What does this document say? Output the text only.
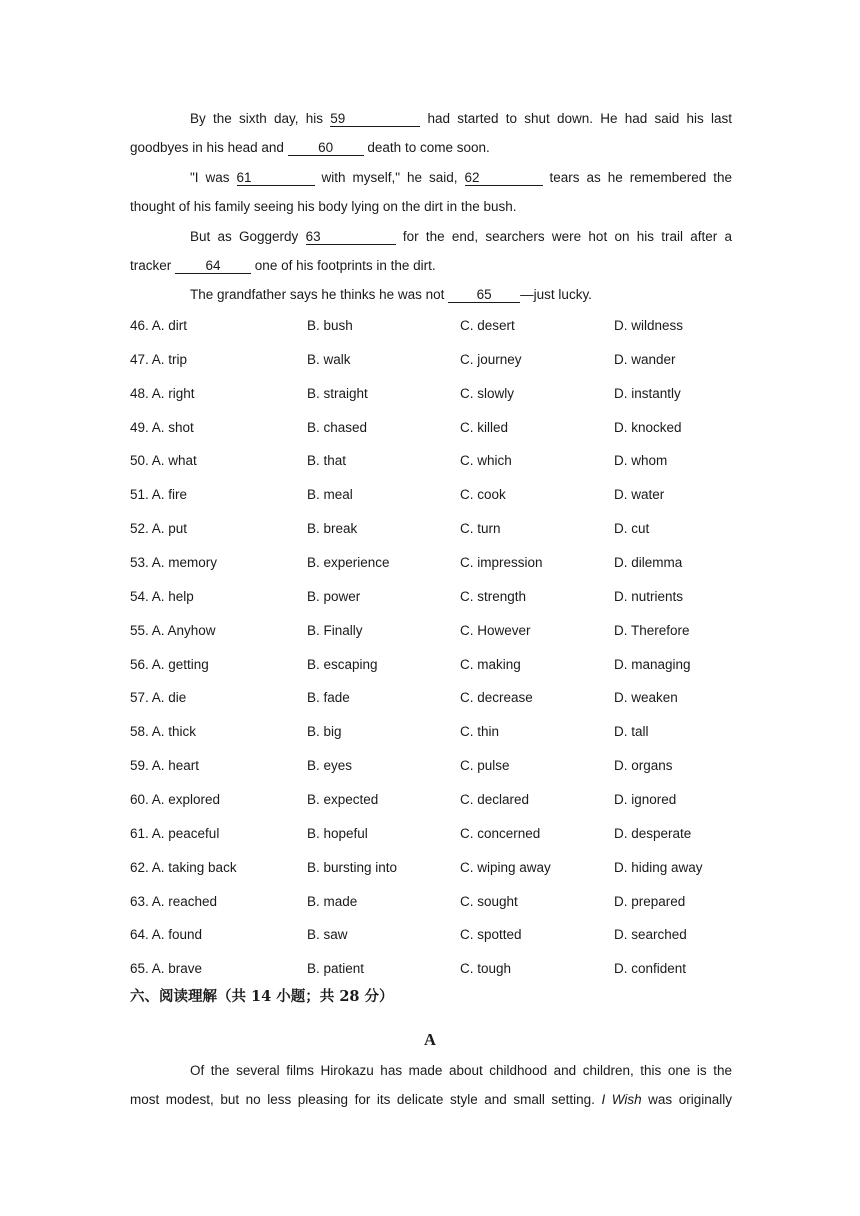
By the sixth day, his 59	had started to shut down. He had said his last

goodbyes in his head and	60	death to come soon.

"I was 61	with myself," he said, 62	tears as he remembered the

thought of his family seeing his body lying on the dirt in the bush.

But as Goggerdy 63	for the end, searchers were hot on his trail after a

tracker	64	one of his footprints in the dirt.

The grandfather says he thinks he was not 65 —just lucky.

46. A. dirt	B. bush	C. desert	D. wildness
47. A. trip	B. walk	C. journey	D. wander
48. A. right	B. straight	C. slowly	D. instantly
49. A. shot	B. chased	C. killed	D. knocked
50. A. what	B. that	C. which	D. whom
51. A. fire	B. meal	C. cook	D. water
52. A. put	B. break	C. turn	D. cut
53. A. memory	B. experience	C. impression	D. dilemma
54. A. help	B. power	C. strength	D. nutrients
55. A. Anyhow	B. Finally	C. However	D. Therefore
56. A. getting	B. escaping	C. making	D. managing
57. A. die	B. fade	C. decrease	D. weaken
58. A. thick	B. big	C. thin	D. tall
59. A. heart	B. eyes	C. pulse	D. organs
60. A. explored	B. expected	C. declared	D. ignored
61. A. peaceful	B. hopeful	C. concerned	D. desperate
62. A. taking back	B. bursting into	C. wiping away	D. hiding away
63. A. reached	B. made	C. sought	D. prepared
64. A. found	B. saw	C. spotted	D. searched
65. A. brave	B. patient	C. tough	D. confident

六、阅读理解（共 14 小题；共 28 分）

A

Of the several films Hirokazu has made about childhood and children, this one is the

most modest, but no less pleasing for its delicate style and small setting. I Wish was originally
